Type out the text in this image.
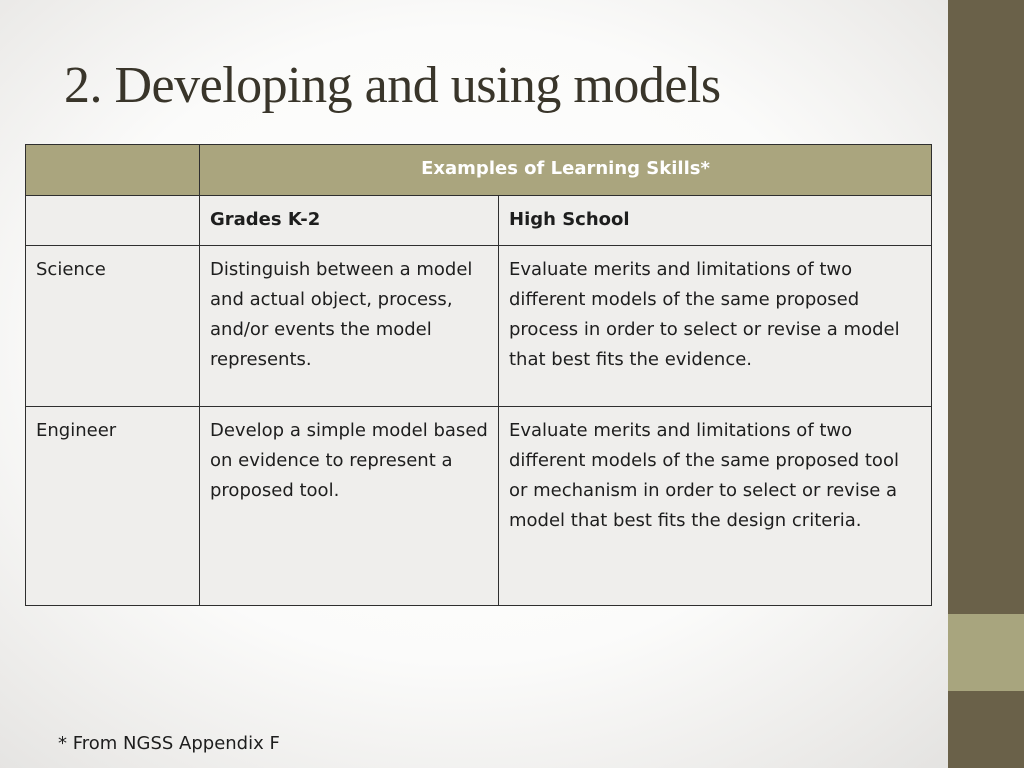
2. Developing and using models
	Examples of Learning Skills*	
	Grades K-2	High School
Science	Distinguish between a model and actual object, process, and/or events the model represents.	Evaluate merits and limitations of two different models of the same proposed process in order to select or revise a model that best fits the evidence.
Engineer	Develop a simple model based on evidence to represent a proposed tool.	Evaluate merits and limitations of two different models of the same proposed tool or mechanism in order to select or revise a model that best fits the design criteria.

* From NGSS Appendix F
